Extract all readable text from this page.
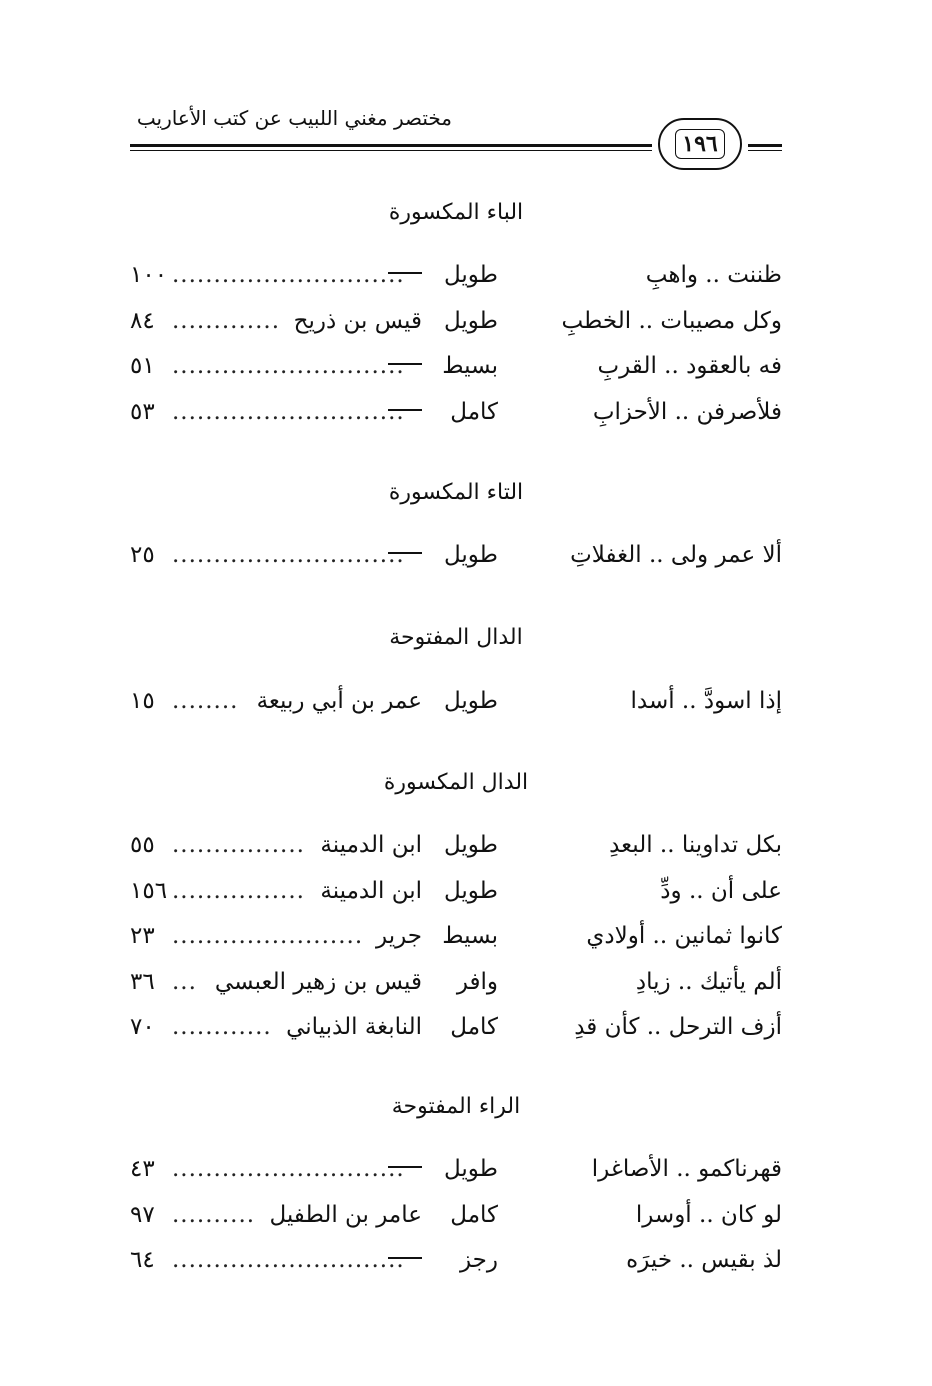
مختصر مغني اللبيب عن كتب الأعاريب
١٩٦
الباء المكسورة
ظننت .. واهبِ
طويل
............................
١٠٠
وكل مصيبات .. الخطبِ
طويل
قيس بن ذريح
.............
٨٤
فه بالعقود .. القربِ
بسيط
............................
٥١
فلأصرفن .. الأحزابِ
كامل
............................
٥٣
التاء المكسورة
ألا عمر ولى .. الغفلاتِ
طويل
............................
٢٥
الدال المفتوحة
إذا اسودَّ .. أسدا
طويل
عمر بن أبي ربيعة
........
١٥
الدال المكسورة
بكل تداوينا .. البعدِ
طويل
ابن الدمينة
................
٥٥
على أن .. ودِّ
طويل
ابن الدمينة
................
١٥٦
كانوا ثمانين .. أولادي
بسيط
جرير
.......................
٢٣
ألم يأتيك .. زيادِ
وافر
قيس بن زهير العبسي
...
٣٦
أزف الترحل .. كأن قدِ
كامل
النابغة الذبياني
............
٧٠
الراء المفتوحة
قهرناكمو .. الأصاغرا
طويل
............................
٤٣
لو كان .. أوسرا
كامل
عامر بن الطفيل
..........
٩٧
لذ بقيس .. خيرَه
رجز
............................
٦٤
